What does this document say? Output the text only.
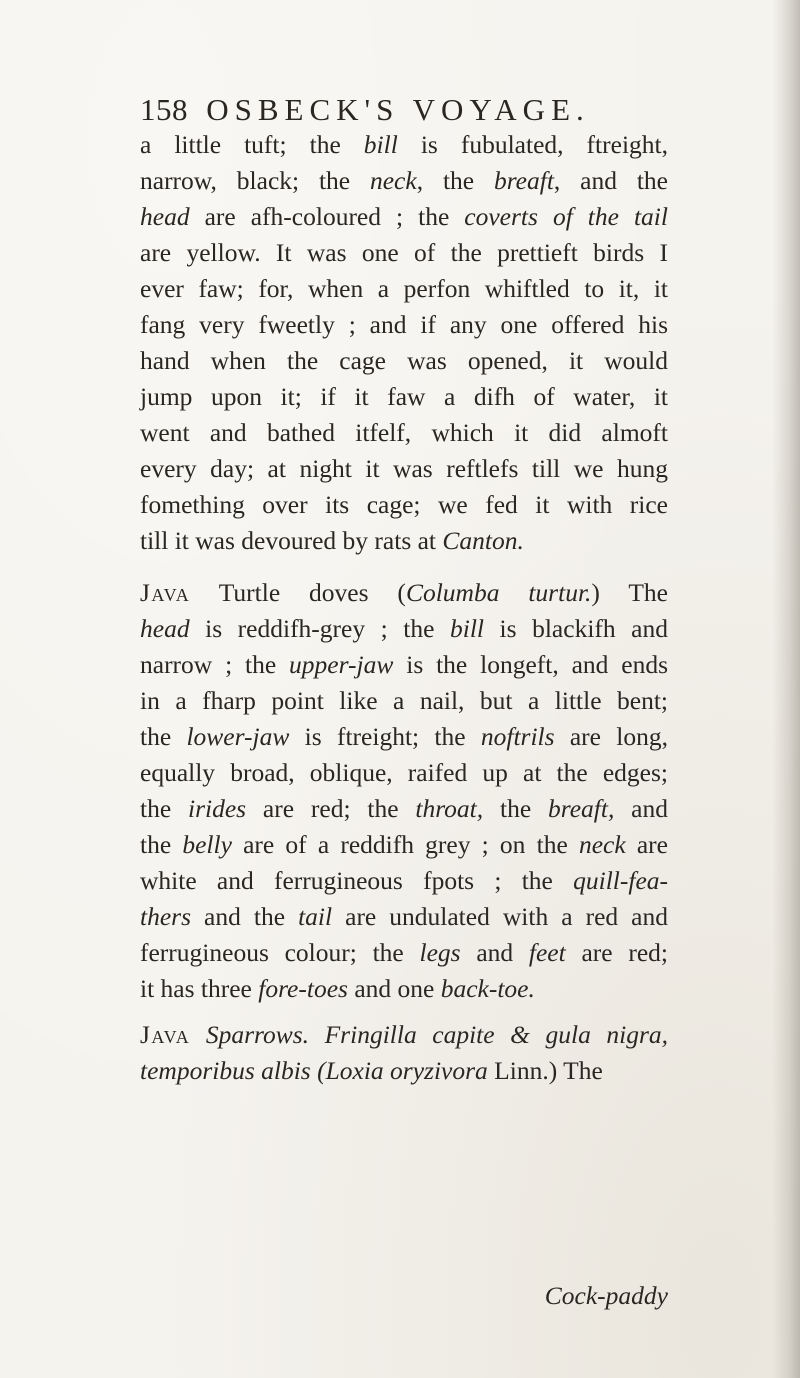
158 OSBECK'S VOYAGE.
a little tuft; the bill is fubulated, ftreight,
narrow, black; the neck, the breaft, and the
head are afh-coloured ; the coverts of the tail
are yellow. It was one of the prettieft birds I
ever faw; for, when a perfon whiftled to it, it
fang very fweetly ; and if any one offered his
hand when the cage was opened, it would
jump upon it; if it faw a difh of water, it
went and bathed itfelf, which it did almoft
every day; at night it was reftlefs till we hung
fomething over its cage; we fed it with rice
till it was devoured by rats at Canton.
Java Turtle doves (Columba turtur.) The
head is reddifh-grey ; the bill is blackifh and
narrow ; the upper-jaw is the longeft, and ends
in a fharp point like a nail, but a little bent;
the lower-jaw is ftreight; the noftrils are long,
equally broad, oblique, raifed up at the edges;
the irides are red; the throat, the breaft, and
the belly are of a reddifh grey ; on the neck are
white and ferrugineous fpots ; the quill-fea-
thers and the tail are undulated with a red and
ferrugineous colour; the legs and feet are red;
it has three fore-toes and one back-toe.
Java Sparrows. Fringilla capite & gula nigra,
temporibus albis (Loxia oryzivora Linn.) The
Cock-paddy
